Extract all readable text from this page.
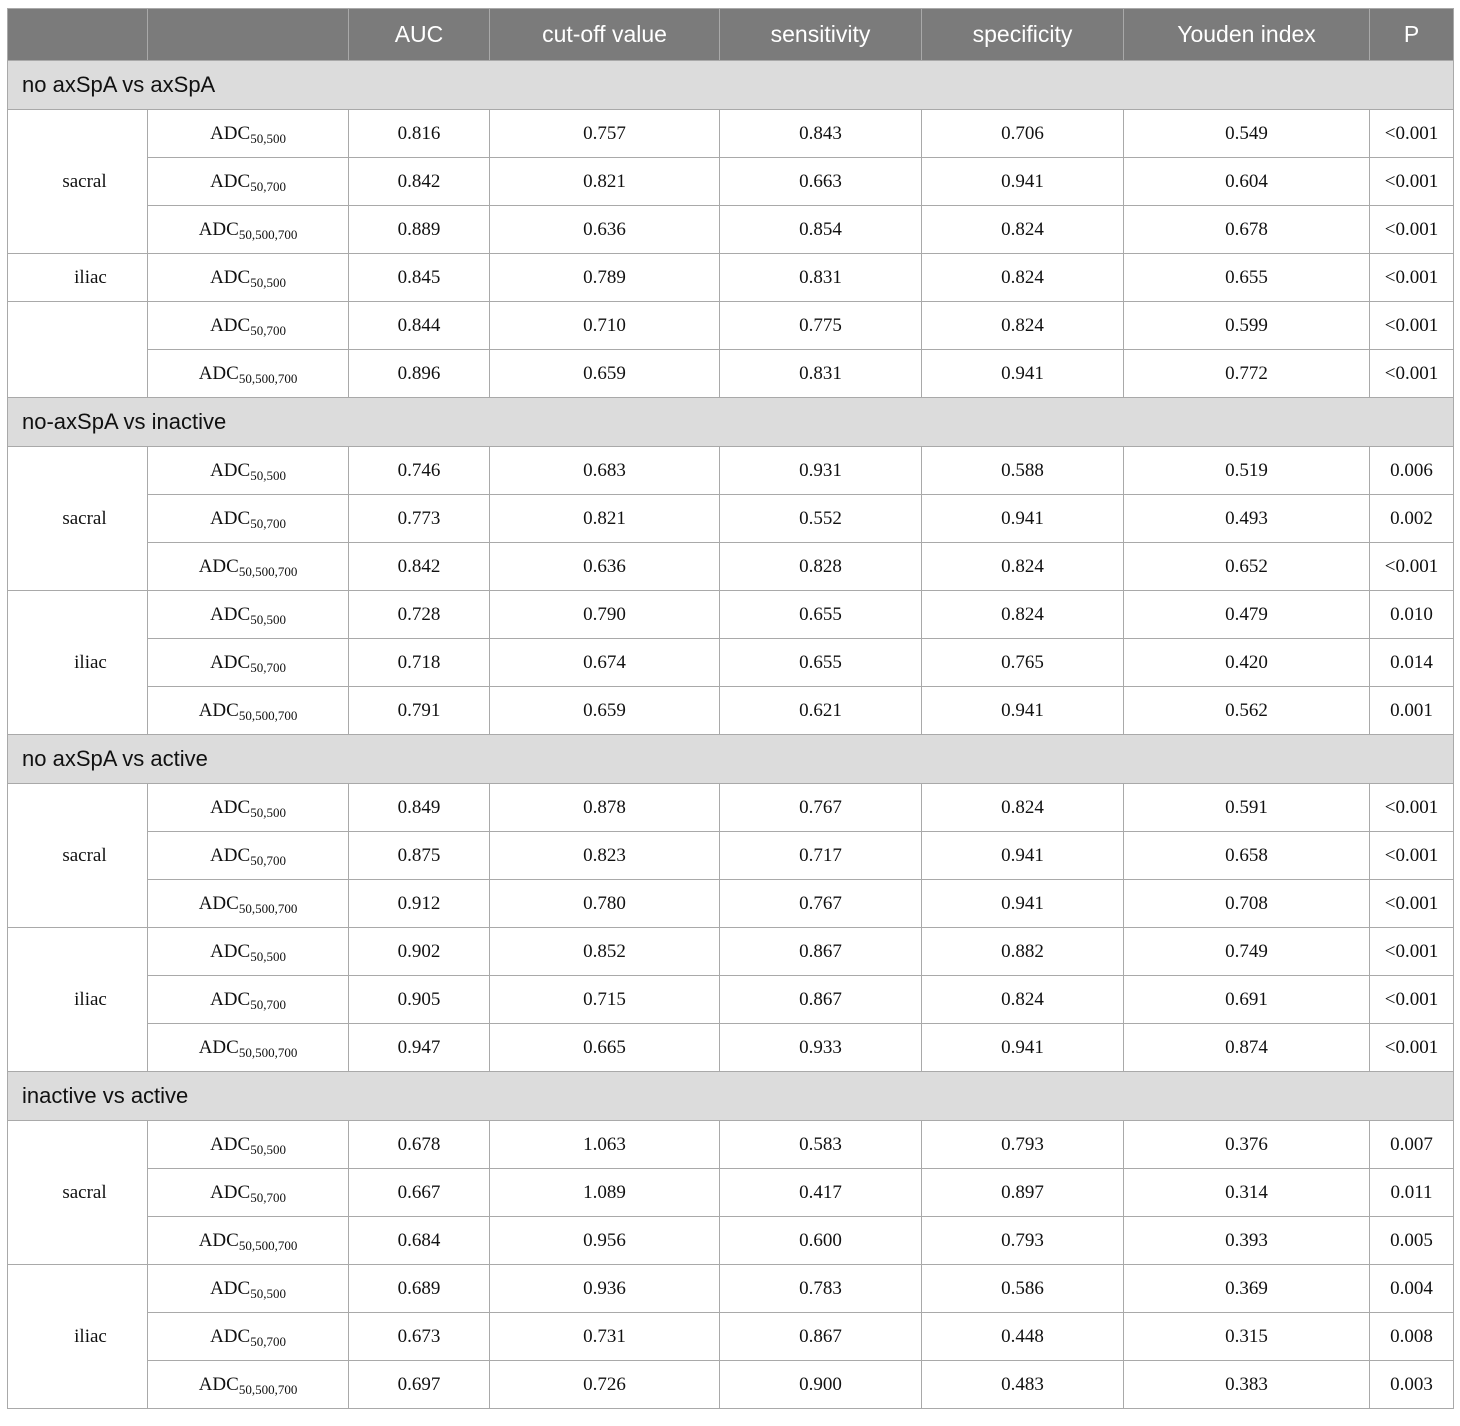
		AUC	cut-off value	sensitivity	specificity	Youden index	P
no axSpA vs axSpA							
sacral	$ADC_{50,500}$	0.816	0.757	0.843	0.706	0.549	<0.001
	$ADC_{50,700}$	0.842	0.821	0.663	0.941	0.604	<0.001
	$ADC_{50,500,700}$	0.889	0.636	0.854	0.824	0.678	<0.001
iliac	$ADC_{50,500}$	0.845	0.789	0.831	0.824	0.655	<0.001
	$ADC_{50,700}$	0.844	0.710	0.775	0.824	0.599	<0.001
	$ADC_{50,500,700}$	0.896	0.659	0.831	0.941	0.772	<0.001
no-axSpA vs inactive							
sacral	$ADC_{50,500}$	0.746	0.683	0.931	0.588	0.519	0.006
	$ADC_{50,700}$	0.773	0.821	0.552	0.941	0.493	0.002
	$ADC_{50,500,700}$	0.842	0.636	0.828	0.824	0.652	<0.001
iliac	$ADC_{50,500}$	0.728	0.790	0.655	0.824	0.479	0.010
	$ADC_{50,700}$	0.718	0.674	0.655	0.765	0.420	0.014
	$ADC_{50,500,700}$	0.791	0.659	0.621	0.941	0.562	0.001
no axSpA vs active							
sacral	$ADC_{50,500}$	0.849	0.878	0.767	0.824	0.591	<0.001
	$ADC_{50,700}$	0.875	0.823	0.717	0.941	0.658	<0.001
	$ADC_{50,500,700}$	0.912	0.780	0.767	0.941	0.708	<0.001
iliac	$ADC_{50,500}$	0.902	0.852	0.867	0.882	0.749	<0.001
	$ADC_{50,700}$	0.905	0.715	0.867	0.824	0.691	<0.001
	$ADC_{50,500,700}$	0.947	0.665	0.933	0.941	0.874	<0.001
inactive vs active							
sacral	$ADC_{50,500}$	0.678	1.063	0.583	0.793	0.376	0.007
	$ADC_{50,700}$	0.667	1.089	0.417	0.897	0.314	0.011
	$ADC_{50,500,700}$	0.684	0.956	0.600	0.793	0.393	0.005
iliac	$ADC_{50,500}$	0.689	0.936	0.783	0.586	0.369	0.004
	$ADC_{50,700}$	0.673	0.731	0.867	0.448	0.315	0.008
	$ADC_{50,500,700}$	0.697	0.726	0.900	0.483	0.383	0.003
